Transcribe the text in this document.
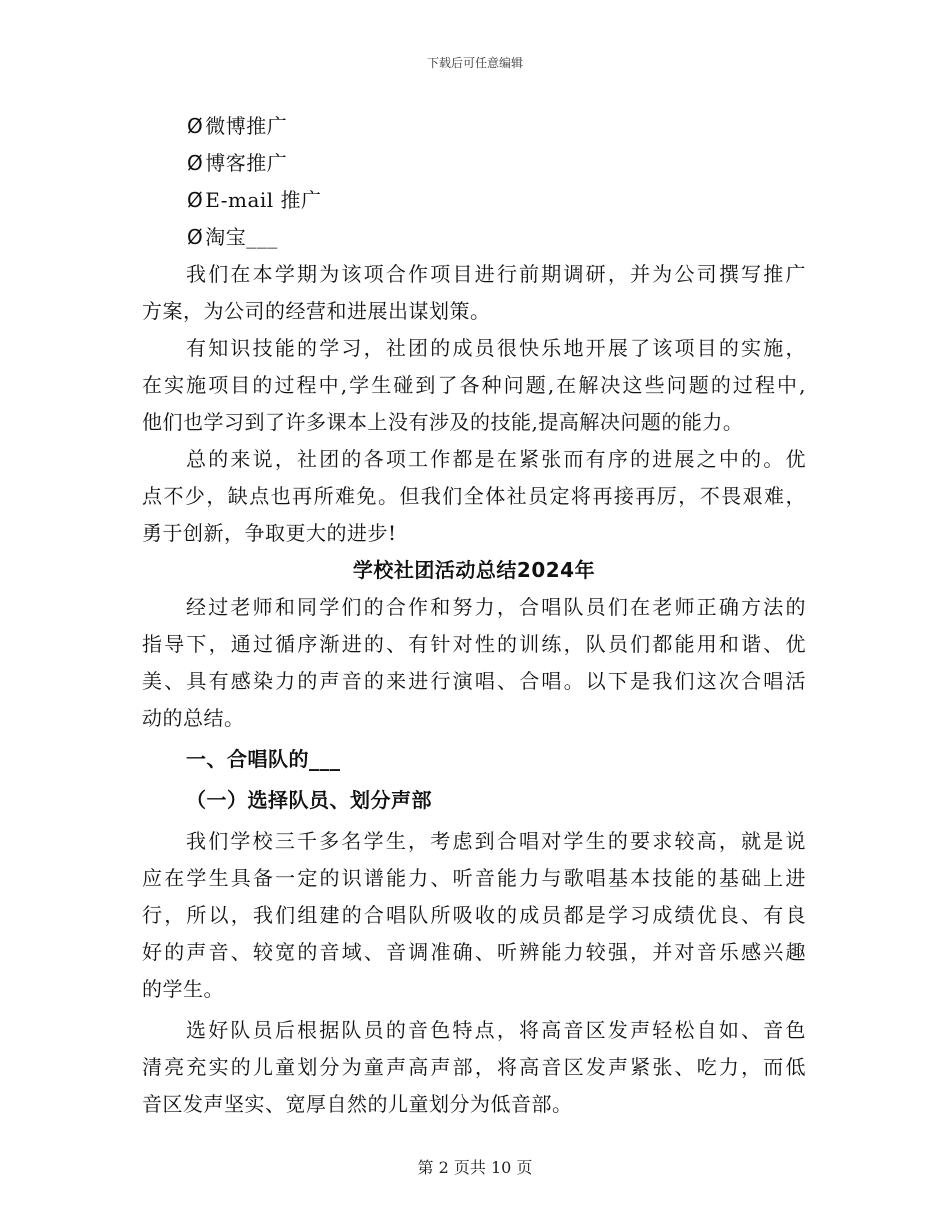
下载后可任意编辑
Ø 微博推广
Ø 博客推广
Ø E-mail 推广
Ø 淘宝___
我们在本学期为该项合作项目进行前期调研，并为公司撰写推广
方案，为公司的经营和进展出谋划策。
有知识技能的学习，社团的成员很快乐地开展了该项目的实施，
在实施项目的过程中,学生碰到了各种问题,在解决这些问题的过程中,
他们也学习到了许多课本上没有涉及的技能,提高解决问题的能力。
总的来说，社团的各项工作都是在紧张而有序的进展之中的。优
点不少，缺点也再所难免。但我们全体社员定将再接再厉，不畏艰难，
勇于创新，争取更大的进步!
学校社团活动总结2024年
经过老师和同学们的合作和努力，合唱队员们在老师正确方法的
指导下，通过循序渐进的、有针对性的训练，队员们都能用和谐、优
美、具有感染力的声音的来进行演唱、合唱。以下是我们这次合唱活
动的总结。
一、合唱队的___
（一）选择队员、划分声部
我们学校三千多名学生，考虑到合唱对学生的要求较高，就是说
应在学生具备一定的识谱能力、听音能力与歌唱基本技能的基础上进
行，所以，我们组建的合唱队所吸收的成员都是学习成绩优良、有良
好的声音、较宽的音域、音调准确、听辨能力较强，并对音乐感兴趣
的学生。
选好队员后根据队员的音色特点，将高音区发声轻松自如、音色
清亮充实的儿童划分为童声高声部，将高音区发声紧张、吃力，而低
音区发声坚实、宽厚自然的儿童划分为低音部。
第 2 页共 10 页
